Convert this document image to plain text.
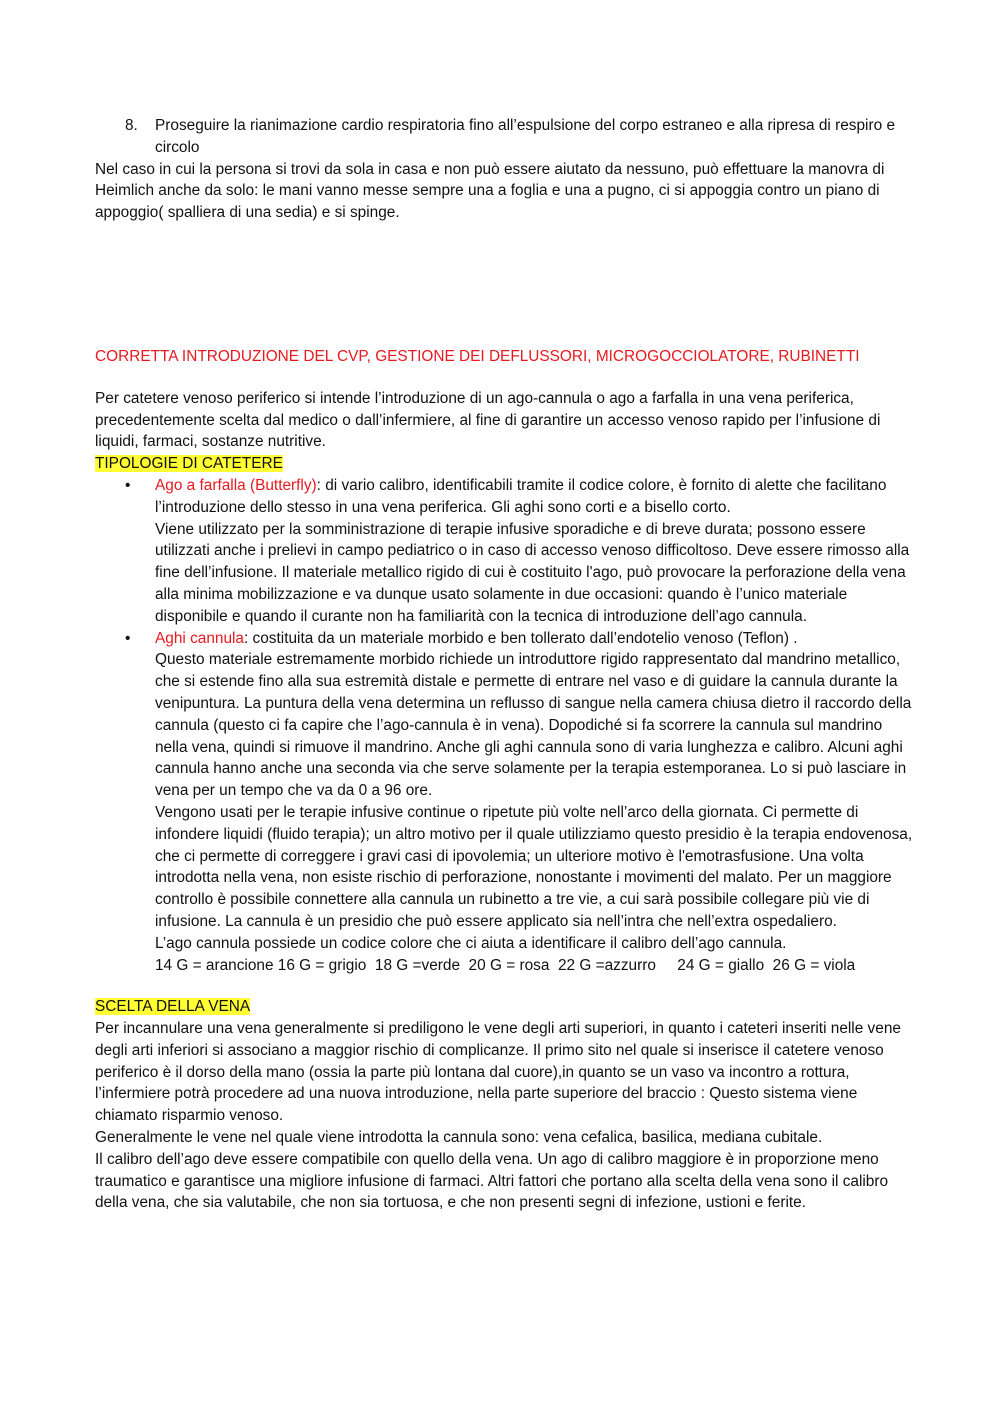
8. Proseguire la rianimazione cardio respiratoria fino all’espulsione del corpo estraneo e alla ripresa di respiro e circolo

Nel caso in cui la persona si trovi da sola in casa e non può essere aiutato da nessuno, può effettuare la manovra di Heimlich anche da solo: le mani vanno messe sempre una a foglia e una a pugno, ci si appoggia contro un piano di appoggio( spalliera di una sedia) e si spinge.

CORRETTA INTRODUZIONE DEL CVP, GESTIONE DEI DEFLUSSORI, MICROGOCCIOLATORE, RUBINETTI

Per catetere venoso periferico si intende l’introduzione di un ago-cannula o ago a farfalla in una vena periferica, precedentemente scelta dal medico o dall’infermiere, al fine di garantire un accesso venoso rapido per l’infusione di liquidi, farmaci, sostanze nutritive.

TIPOLOGIE DI CATETERE

• Ago a farfalla (Butterfly): di vario calibro, identificabili tramite il codice colore, è fornito di alette che facilitano l’introduzione dello stesso in una vena periferica. Gli aghi sono corti e a bisello corto.

Viene utilizzato per la somministrazione di terapie infusive sporadiche e di breve durata; possono essere utilizzati anche i prelievi in campo pediatrico o in caso di accesso venoso difficoltoso. Deve essere rimosso alla fine dell’infusione. Il materiale metallico rigido di cui è costituito l'ago, può provocare la perforazione della vena alla minima mobilizzazione e va dunque usato solamente in due occasioni: quando è l’unico materiale disponibile e quando il curante non ha familiarità con la tecnica di introduzione dell’ago cannula.

• Aghi cannula: costituita da un materiale morbido e ben tollerato dall’endotelio venoso (Teflon) .

Questo materiale estremamente morbido richiede un introduttore rigido rappresentato dal mandrino metallico, che si estende fino alla sua estremità distale e permette di entrare nel vaso e di guidare la cannula durante la venipuntura. La puntura della vena determina un reflusso di sangue nella camera chiusa dietro il raccordo della cannula (questo ci fa capire che l’ago-cannula è in vena). Dopodiché si fa scorrere la cannula sul mandrino nella vena, quindi si rimuove il mandrino. Anche gli aghi cannula sono di varia lunghezza e calibro. Alcuni aghi cannula hanno anche una seconda via che serve solamente per la terapia estemporanea. Lo si può lasciare in vena per un tempo che va da 0 a 96 ore.

Vengono usati per le terapie infusive continue o ripetute più volte nell’arco della giornata. Ci permette di infondere liquidi (fluido terapia); un altro motivo per il quale utilizziamo questo presidio è la terapia endovenosa, che ci permette di correggere i gravi casi di ipovolemia; un ulteriore motivo è l'emotrasfusione. Una volta introdotta nella vena, non esiste rischio di perforazione, nonostante i movimenti del malato. Per un maggiore controllo è possibile connettere alla cannula un rubinetto a tre vie, a cui sarà possibile collegare più vie di infusione. La cannula è un presidio che può essere applicato sia nell’intra che nell’extra ospedaliero.

L’ago cannula possiede un codice colore che ci aiuta a identificare il calibro dell’ago cannula.

14 G = arancione 16 G = grigio  18 G =verde  20 G = rosa  22 G =azzurro     24 G = giallo  26 G = viola

SCELTA DELLA VENA

Per incannulare una vena generalmente si prediligono le vene degli arti superiori, in quanto i cateteri inseriti nelle vene degli arti inferiori si associano a maggior rischio di complicanze. Il primo sito nel quale si inserisce il catetere venoso periferico è il dorso della mano (ossia la parte più lontana dal cuore),in quanto se un vaso va incontro a rottura, l’infermiere potrà procedere ad una nuova introduzione, nella parte superiore del braccio : Questo sistema viene chiamato risparmio venoso.

Generalmente le vene nel quale viene introdotta la cannula sono: vena cefalica, basilica, mediana cubitale.

Il calibro dell’ago deve essere compatibile con quello della vena. Un ago di calibro maggiore è in proporzione meno traumatico e garantisce una migliore infusione di farmaci. Altri fattori che portano alla scelta della vena sono il calibro della vena, che sia valutabile, che non sia tortuosa, e che non presenti segni di infezione, ustioni e ferite.
